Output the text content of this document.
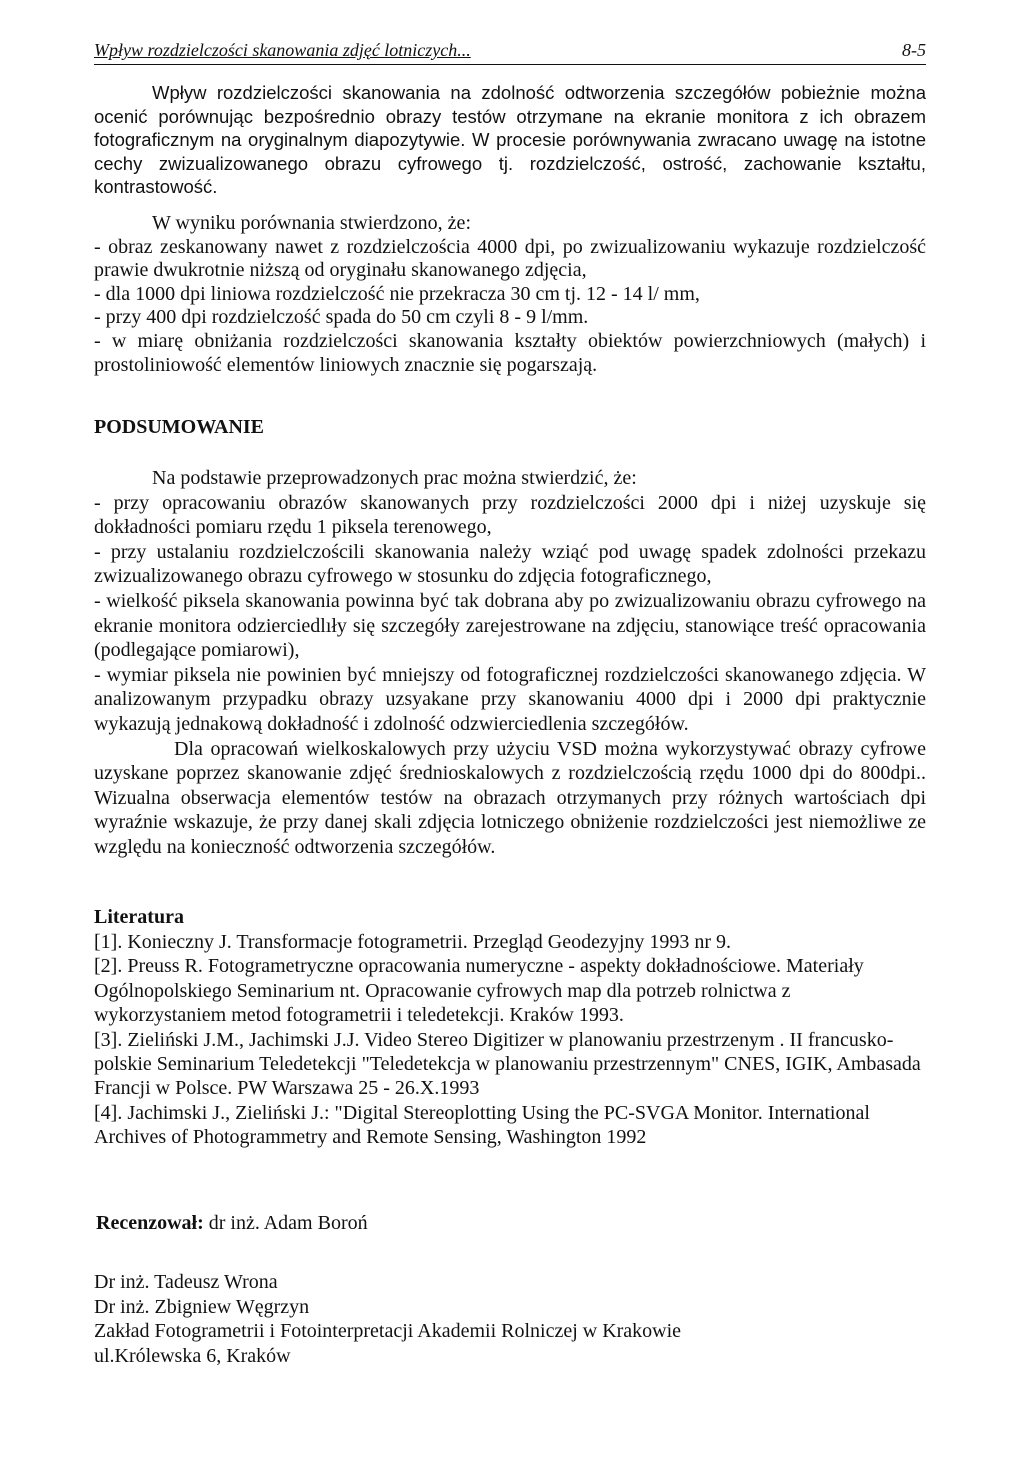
Wpływ rozdzielczości skanowania zdjęć lotniczych...	8-5

Wpływ rozdzielczości skanowania na zdolność odtworzenia szczegółów pobieżnie można ocenić porównując bezpośrednio obrazy testów otrzymane na ekranie monitora z ich obrazem fotograficznym na oryginalnym diapozytywie. W procesie porównywania zwracano uwagę na istotne cechy zwizualizowanego obrazu cyfrowego tj. rozdzielczość, ostrość, zachowanie kształtu, kontrastowość.

W wyniku porównania stwierdzono, że:

- obraz zeskanowany nawet z rozdzielczościa 4000 dpi, po zwizualizowaniu wykazuje rozdzielczość prawie dwukrotnie niższą od oryginału skanowanego zdjęcia,
- dla 1000 dpi liniowa rozdzielczość nie przekracza 30 cm tj. 12 - 14 l/ mm,
- przy 400 dpi rozdzielczość spada do 50 cm czyli 8 - 9 l/mm.
- w miarę obniżania rozdzielczości skanowania kształty obiektów powierzchniowych (małych) i prostoliniowość elementów liniowych znacznie się pogarszają.
PODSUMOWANIE

Na podstawie przeprowadzonych prac można stwierdzić, że:

- przy opracowaniu obrazów skanowanych przy rozdzielczości 2000 dpi i niżej uzyskuje się dokładności pomiaru rzędu 1 piksela terenowego,
- przy ustalaniu rozdzielczościli skanowania należy wziąć pod uwagę spadek zdolności przekazu zwizualizowanego obrazu cyfrowego w stosunku do zdjęcia fotograficznego,
- wielkość piksela skanowania powinna być tak dobrana aby po zwizualizowaniu obrazu cyfrowego na ekranie monitora odzierciedlıły się szczegóły zarejestrowane na zdjęciu, stanowiące treść opracowania (podlegające pomiarowi),
- wymiar piksela nie powinien być mniejszy od fotograficznej rozdzielczości skanowanego zdjęcia. W analizowanym przypadku obrazy uzsyakane przy skanowaniu 4000 dpi i 2000 dpi praktycznie wykazują jednakową dokładność i zdolność odzwierciedlenia szczegółów.

Dla opracowań wielkoskalowych przy użyciu VSD można wykorzystywać obrazy cyfrowe uzyskane poprzez skanowanie zdjęć średnioskalowych z rozdzielczością rzędu 1000 dpi do 800dpi.. Wizualna obserwacja elementów testów na obrazach otrzymanych przy różnych wartościach dpi wyraźnie wskazuje, że przy danej skali zdjęcia lotniczego obniżenie rozdzielczości jest niemożliwe ze względu na konieczność odtworzenia szczegółów.

Literatura

[1]. Konieczny J. Transformacje fotogrametrii. Przegląd Geodezyjny 1993 nr 9.

[2]. Preuss R. Fotogrametryczne opracowania numeryczne - aspekty dokładnościowe. Materiały Ogólnopolskiego Seminarium nt. Opracowanie cyfrowych map dla potrzeb rolnictwa z wykorzystaniem metod fotogrametrii i teledetekcji. Kraków 1993.

[3]. Zieliński J.M., Jachimski J.J. Video Stereo Digitizer w planowaniu przestrzenym . II francusko-polskie Seminarium Teledetekcji "Teledetekcja w planowaniu przestrzennym" CNES, IGIK, Ambasada Francji w Polsce. PW Warszawa 25 - 26.X.1993

[4]. Jachimski J., Zieliński J.: "Digital Stereoplotting Using the PC-SVGA Monitor. International Archives of Photogrammetry and Remote Sensing, Washington 1992

Recenzował: dr inż. Adam Boroń

Dr inż. Tadeusz Wrona

Dr inż. Zbigniew Węgrzyn

Zakład Fotogrametrii i Fotointerpretacji Akademii Rolniczej w Krakowie

ul.Królewska 6, Kraków
